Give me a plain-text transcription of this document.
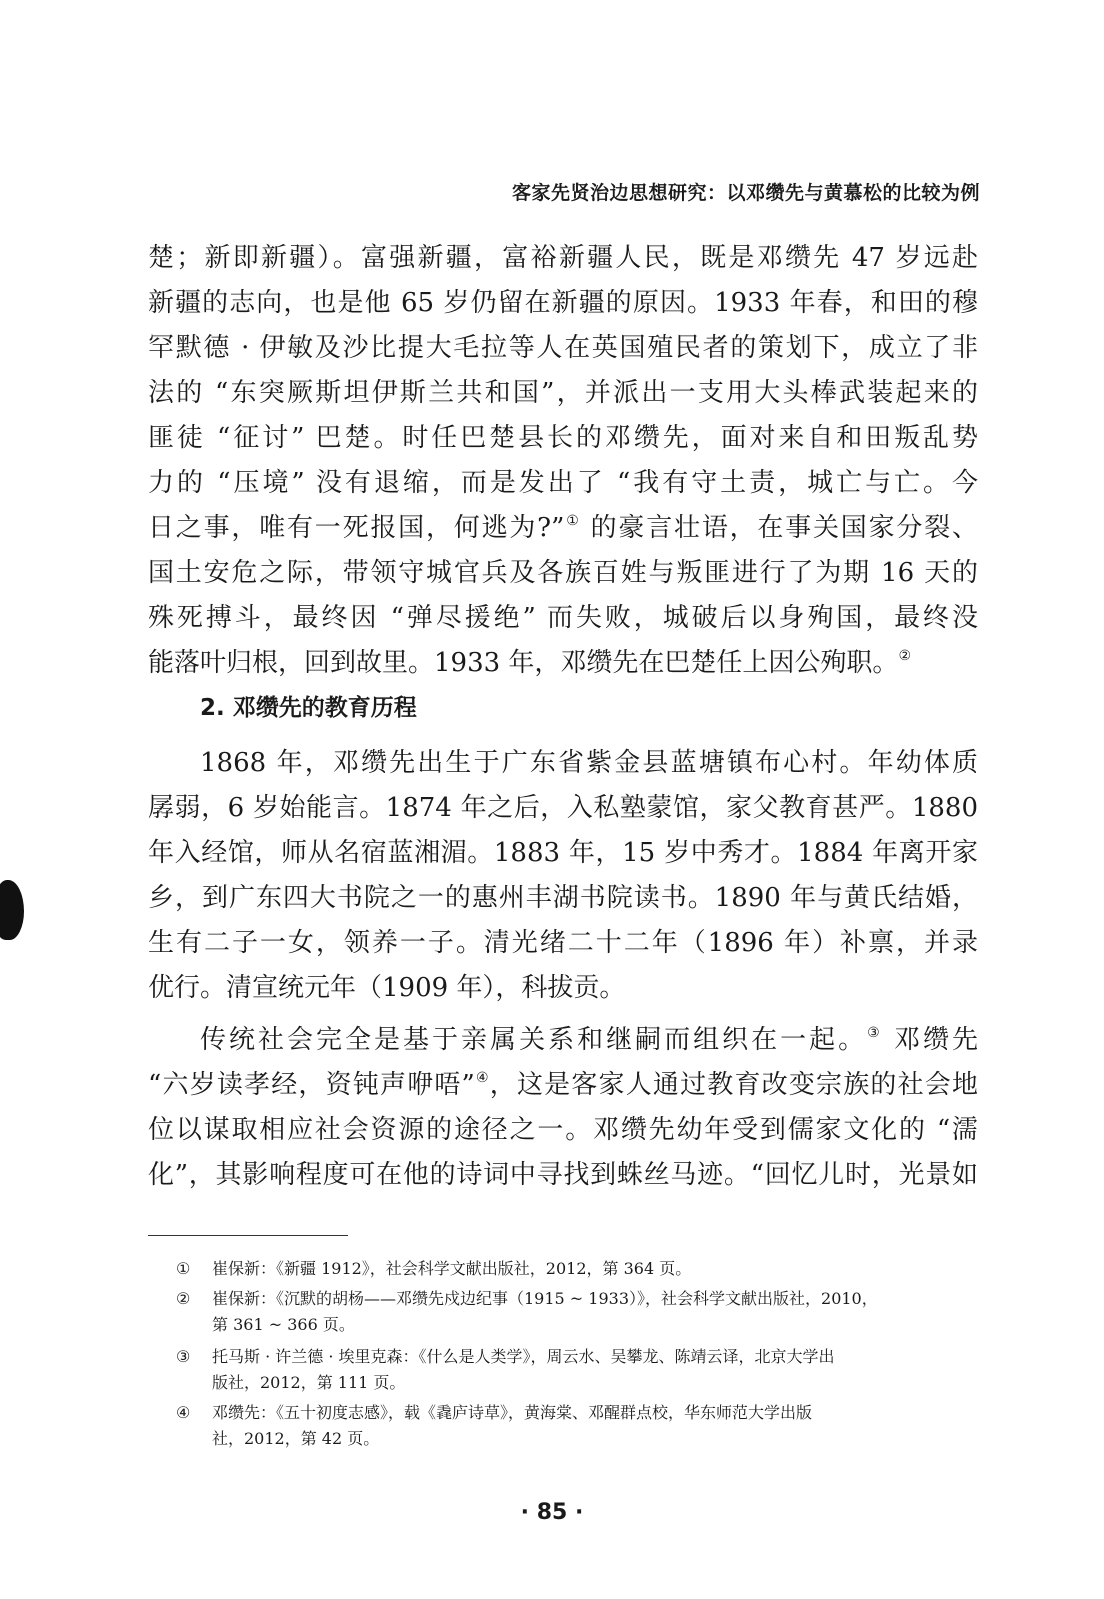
客家先贤治边思想研究：以邓缵先与黄慕松的比较为例
楚；新即新疆）。富强新疆，富裕新疆人民，既是邓缵先 47 岁远赴
新疆的志向，也是他 65 岁仍留在新疆的原因。1933 年春，和田的穆
罕默德 · 伊敏及沙比提大毛拉等人在英国殖民者的策划下，成立了非
法的 “东突厥斯坦伊斯兰共和国”，并派出一支用大头棒武装起来的
匪徒 “征讨” 巴楚。时任巴楚县长的邓缵先，面对来自和田叛乱势
力的 “压境” 没有退缩，而是发出了 “我有守土责，城亡与亡。今
日之事，唯有一死报国，何逃为?”① 的豪言壮语，在事关国家分裂、
国土安危之际，带领守城官兵及各族百姓与叛匪进行了为期 16 天的
殊死搏斗，最终因 “弹尽援绝” 而失败，城破后以身殉国，最终没
能落叶归根，回到故里。1933 年，邓缵先在巴楚任上因公殉职。②
2. 邓缵先的教育历程
1868 年，邓缵先出生于广东省紫金县蓝塘镇布心村。年幼体质
孱弱，6 岁始能言。1874 年之后，入私塾蒙馆，家父教育甚严。1880
年入经馆，师从名宿蓝湘湄。1883 年，15 岁中秀才。1884 年离开家
乡，到广东四大书院之一的惠州丰湖书院读书。1890 年与黄氏结婚，
生有二子一女，领养一子。清光绪二十二年（1896 年）补禀，并录
优行。清宣统元年（1909 年），科拔贡。
传统社会完全是基于亲属关系和继嗣而组织在一起。③ 邓缵先
“六岁读孝经，资钝声咿唔”④，这是客家人通过教育改变宗族的社会地
位以谋取相应社会资源的途径之一。邓缵先幼年受到儒家文化的 “濡
化”，其影响程度可在他的诗词中寻找到蛛丝马迹。“回忆儿时，光景如
①	崔保新：《新疆 1912》，社会科学文献出版社，2012，第 364 页。
②	崔保新：《沉默的胡杨——邓缵先戍边纪事（1915 ~ 1933）》，社会科学文献出版社，2010，
第 361 ~ 366 页。
③	托马斯 · 许兰德 · 埃里克森：《什么是人类学》，周云水、吴攀龙、陈靖云译，北京大学出
版社，2012，第 111 页。
④	邓缵先：《五十初度志感》，载《毳庐诗草》，黄海棠、邓醒群点校，华东师范大学出版
社，2012，第 42 页。
· 85 ·
